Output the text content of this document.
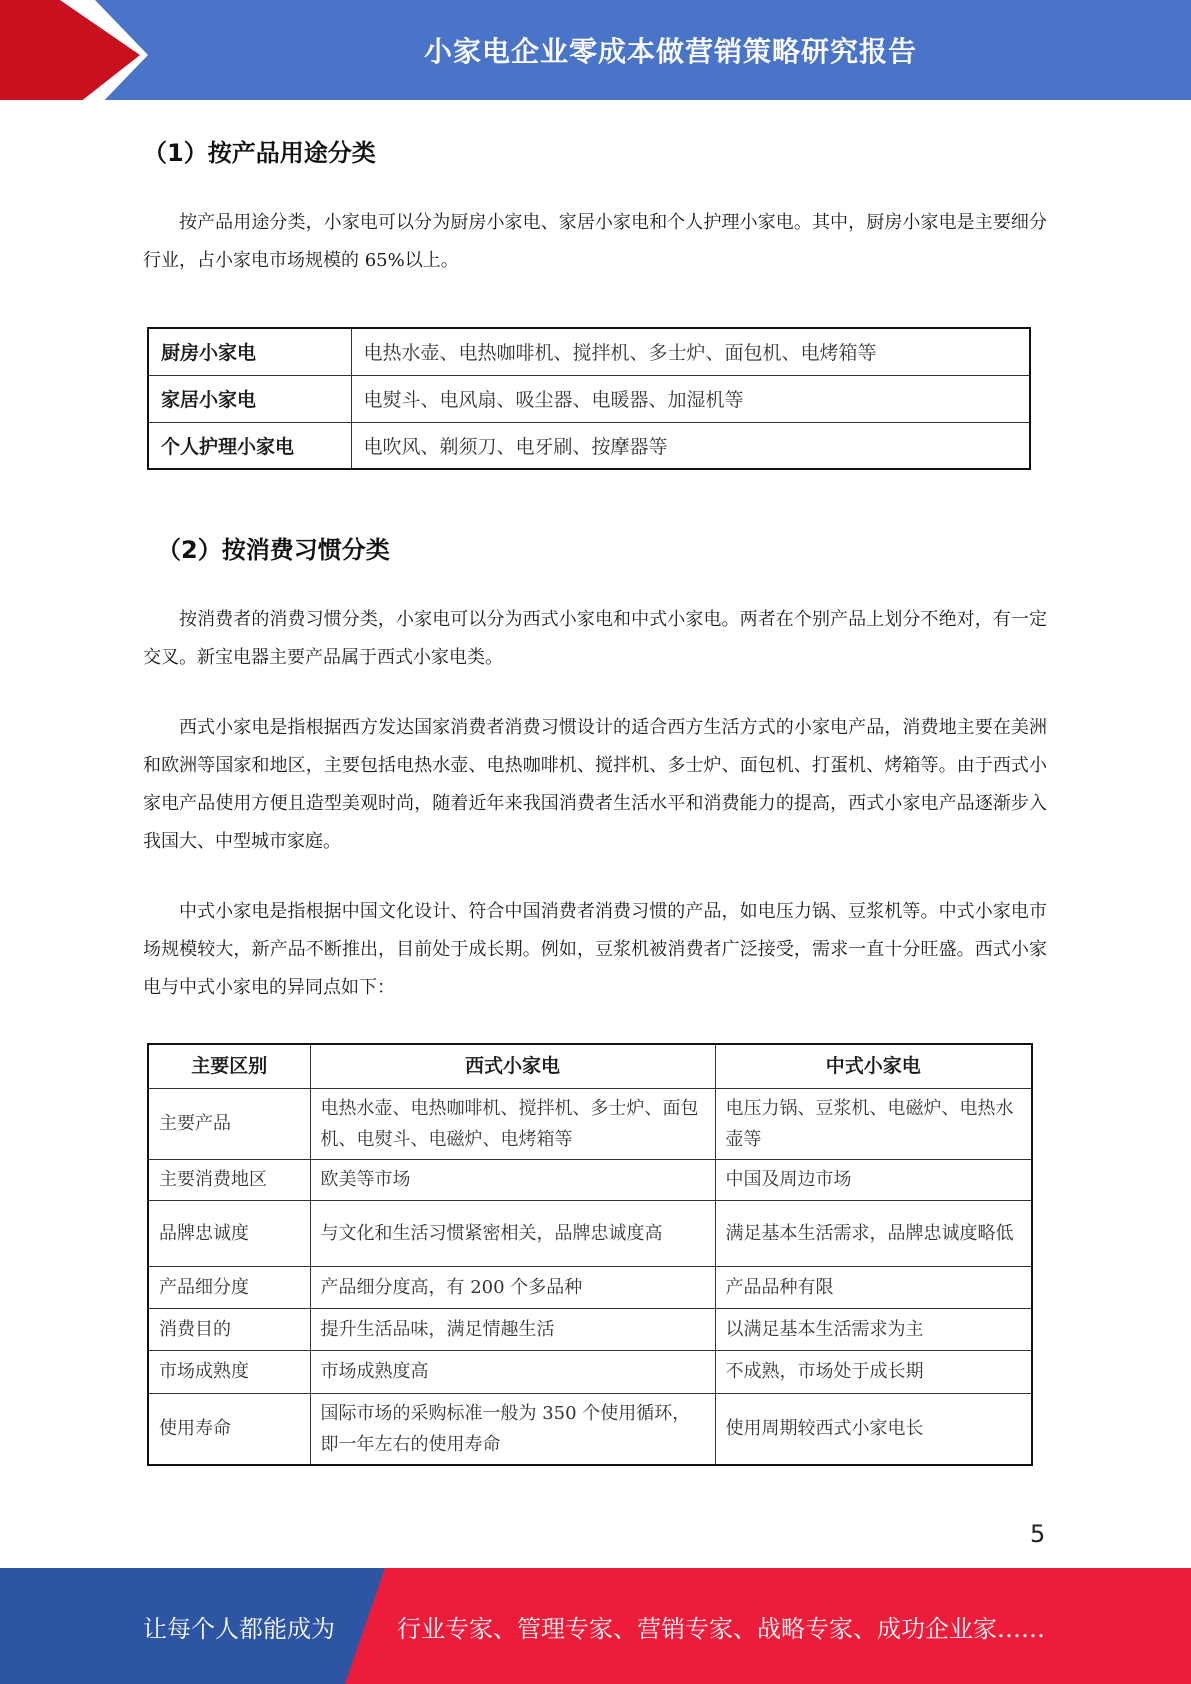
小家电企业零成本做营销策略研究报告
（1）按产品用途分类

按产品用途分类，小家电可以分为厨房小家电、家居小家电和个人护理小家电。其中，厨房小家电是主要细分行业，占小家电市场规模的 65%以上。

厨房小家电	电热水壶、电热咖啡机、搅拌机、多士炉、面包机、电烤箱等
家居小家电	电熨斗、电风扇、吸尘器、电暖器、加湿机等
个人护理小家电	电吹风、剃须刀、电牙刷、按摩器等
（2）按消费习惯分类

按消费者的消费习惯分类，小家电可以分为西式小家电和中式小家电。两者在个别产品上划分不绝对，有一定交叉。新宝电器主要产品属于西式小家电类。

西式小家电是指根据西方发达国家消费者消费习惯设计的适合西方生活方式的小家电产品，消费地主要在美洲和欧洲等国家和地区，主要包括电热水壶、电热咖啡机、搅拌机、多士炉、面包机、打蛋机、烤箱等。由于西式小家电产品使用方便且造型美观时尚，随着近年来我国消费者生活水平和消费能力的提高，西式小家电产品逐渐步入我国大、中型城市家庭。

中式小家电是指根据中国文化设计、符合中国消费者消费习惯的产品，如电压力锅、豆浆机等。中式小家电市场规模较大，新产品不断推出，目前处于成长期。例如，豆浆机被消费者广泛接受，需求一直十分旺盛。西式小家电与中式小家电的异同点如下：

主要区别	西式小家电	中式小家电
主要产品	电热水壶、电热咖啡机、搅拌机、多士炉、面包机、电熨斗、电磁炉、电烤箱等	电压力锅、豆浆机、电磁炉、电热水壶等
主要消费地区	欧美等市场	中国及周边市场
品牌忠诚度	与文化和生活习惯紧密相关，品牌忠诚度高	满足基本生活需求，品牌忠诚度略低
产品细分度	产品细分度高，有 200 个多品种	产品品种有限
消费目的	提升生活品味，满足情趣生活	以满足基本生活需求为主
市场成熟度	市场成熟度高	不成熟，市场处于成长期
使用寿命	国际市场的采购标准一般为 350 个使用循环，即一年左右的使用寿命	使用周期较西式小家电长
5
让每个人都能成为	行业专家、管理专家、营销专家、战略专家、成功企业家……
